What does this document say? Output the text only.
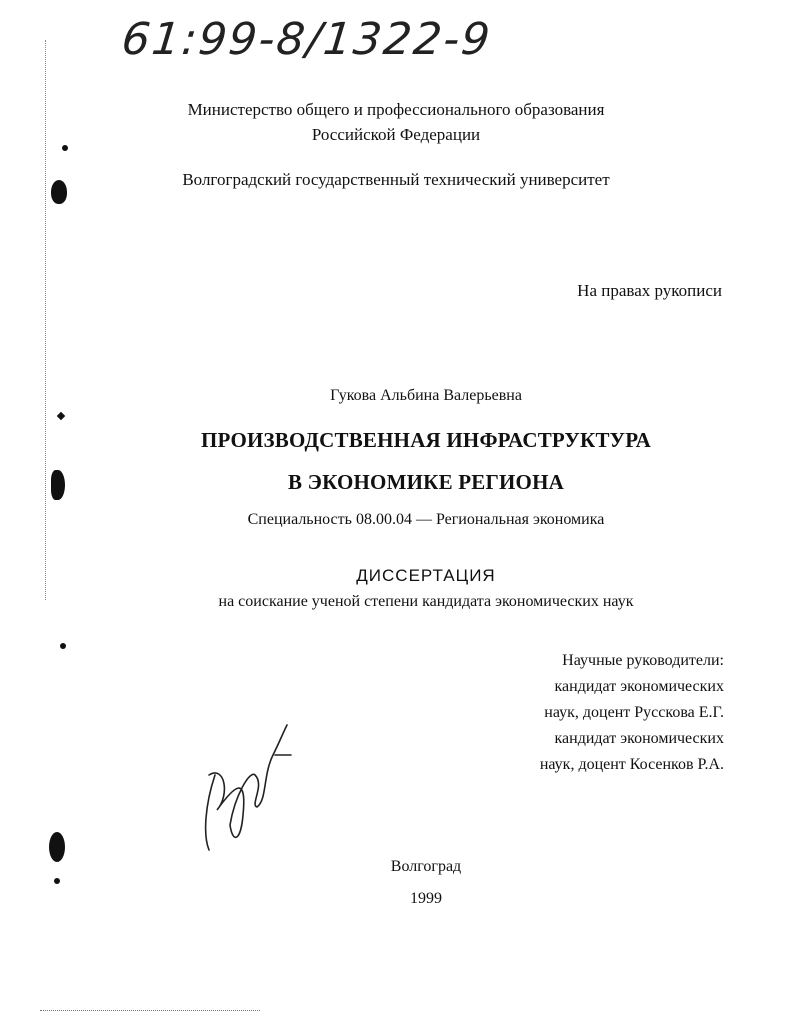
61:99-8/1322-9
Министерство общего и профессионального образования
Российской Федерации
Волгоградский государственный технический университет
На правах рукописи
Гукова Альбина Валерьевна
ПРОИЗВОДСТВЕННАЯ ИНФРАСТРУКТУРА
В ЭКОНОМИКЕ РЕГИОНА
Специальность 08.00.04 — Региональная экономика
ДИССЕРТАЦИЯ
на соискание ученой степени кандидата экономических наук
Научные руководители:
кандидат экономических
наук, доцент Русскова Е.Г.
кандидат экономических
наук, доцент Косенков Р.А.
Волгоград
1999
